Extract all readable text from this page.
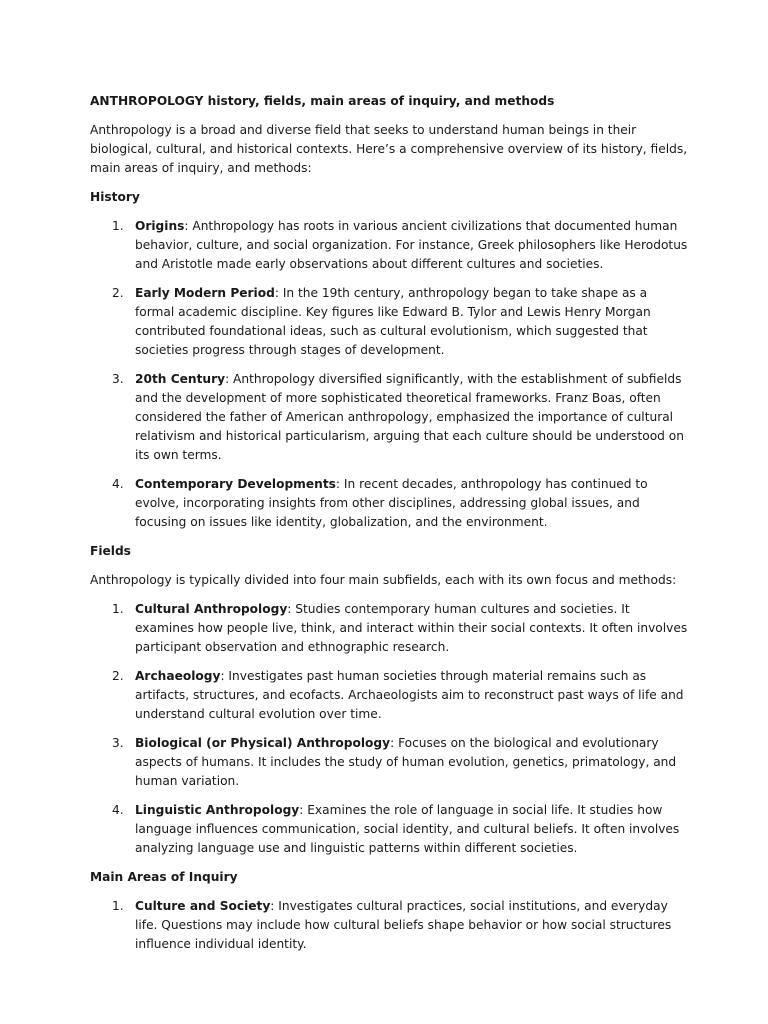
ANTHROPOLOGY history, fields, main areas of inquiry, and methods

Anthropology is a broad and diverse field that seeks to understand human beings in their biological, cultural, and historical contexts. Here’s a comprehensive overview of its history, fields, main areas of inquiry, and methods:

History

1. Origins: Anthropology has roots in various ancient civilizations that documented human behavior, culture, and social organization. For instance, Greek philosophers like Herodotus and Aristotle made early observations about different cultures and societies.
2. Early Modern Period: In the 19th century, anthropology began to take shape as a formal academic discipline. Key figures like Edward B. Tylor and Lewis Henry Morgan contributed foundational ideas, such as cultural evolutionism, which suggested that societies progress through stages of development.
3. 20th Century: Anthropology diversified significantly, with the establishment of subfields and the development of more sophisticated theoretical frameworks. Franz Boas, often considered the father of American anthropology, emphasized the importance of cultural relativism and historical particularism, arguing that each culture should be understood on its own terms.
4. Contemporary Developments: In recent decades, anthropology has continued to evolve, incorporating insights from other disciplines, addressing global issues, and focusing on issues like identity, globalization, and the environment.

Fields

Anthropology is typically divided into four main subfields, each with its own focus and methods:

1. Cultural Anthropology: Studies contemporary human cultures and societies. It examines how people live, think, and interact within their social contexts. It often involves participant observation and ethnographic research.
2. Archaeology: Investigates past human societies through material remains such as artifacts, structures, and ecofacts. Archaeologists aim to reconstruct past ways of life and understand cultural evolution over time.
3. Biological (or Physical) Anthropology: Focuses on the biological and evolutionary aspects of humans. It includes the study of human evolution, genetics, primatology, and human variation.
4. Linguistic Anthropology: Examines the role of language in social life. It studies how language influences communication, social identity, and cultural beliefs. It often involves analyzing language use and linguistic patterns within different societies.

Main Areas of Inquiry

1. Culture and Society: Investigates cultural practices, social institutions, and everyday life. Questions may include how cultural beliefs shape behavior or how social structures influence individual identity.
